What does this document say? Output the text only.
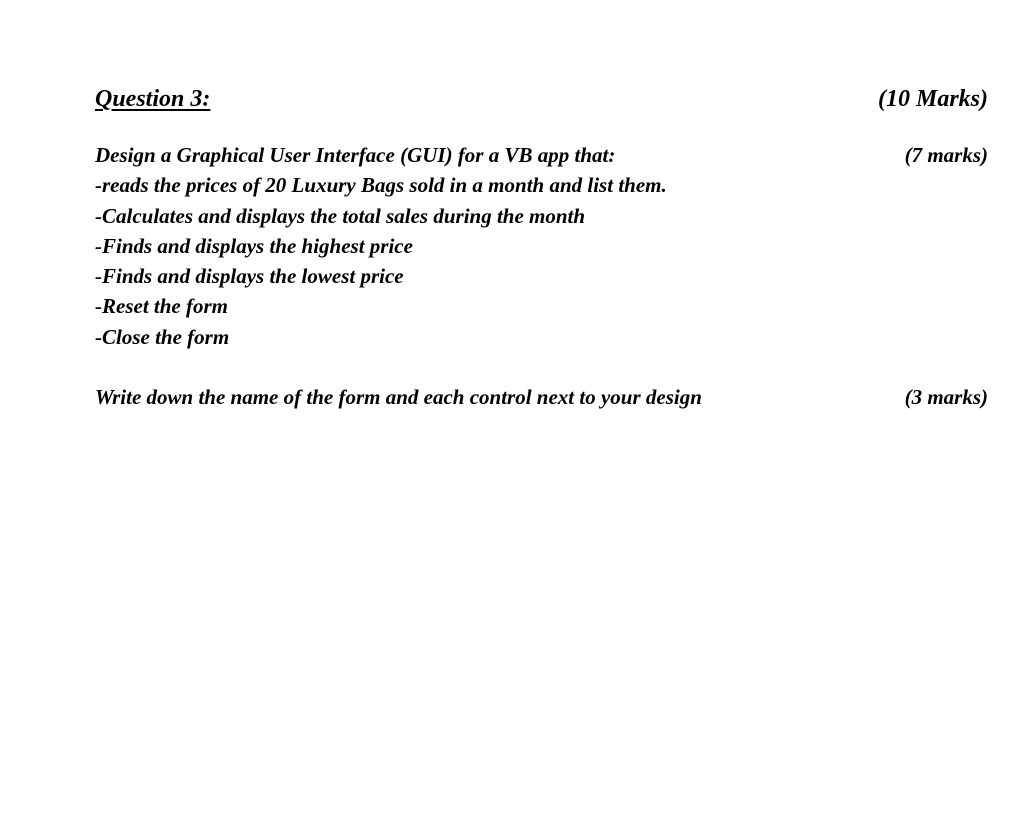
Question 3:	(10 Marks)
Design a Graphical User Interface (GUI) for a VB app that:	(7 marks)
-reads the prices of 20 Luxury Bags sold in a month and list them.
-Calculates and displays the total sales during the month
-Finds and displays the highest price
-Finds and displays the lowest price
-Reset the form
-Close the form
Write down the name of the form and each control next to your design	(3 marks)
